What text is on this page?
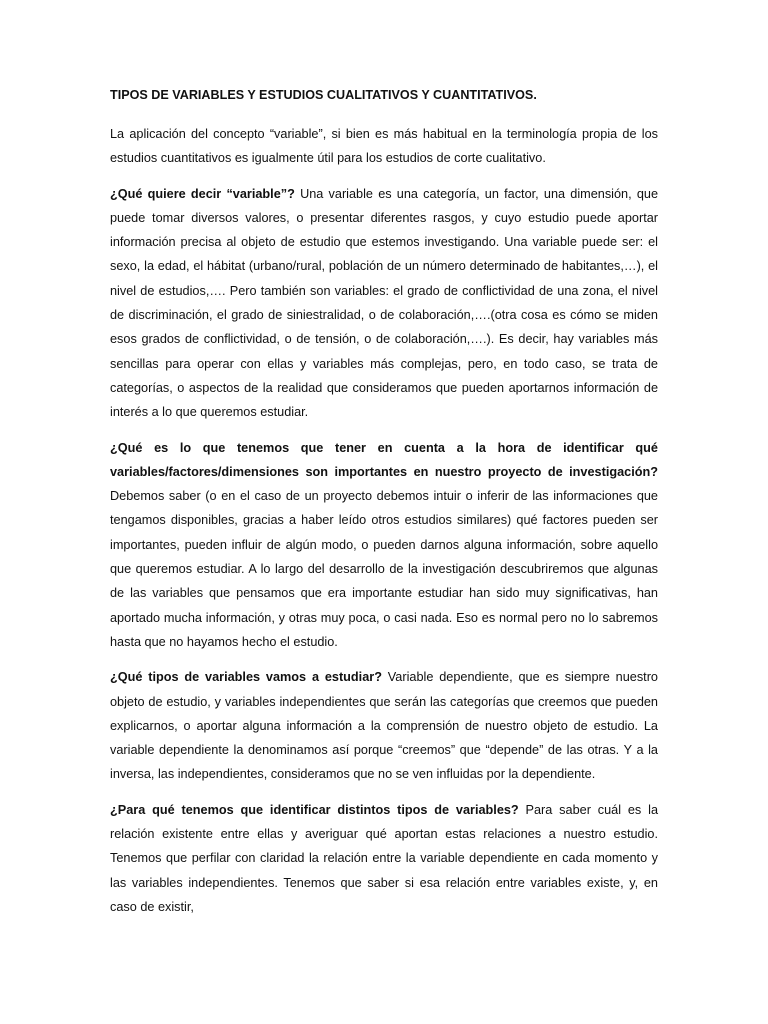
TIPOS DE VARIABLES Y ESTUDIOS CUALITATIVOS Y CUANTITATIVOS.

La aplicación del concepto “variable”, si bien es más habitual en la terminología propia de los estudios cuantitativos es igualmente útil para los estudios de corte cualitativo.

¿Qué quiere decir “variable”? Una variable es una categoría, un factor, una dimensión, que puede tomar diversos valores, o presentar diferentes rasgos, y cuyo estudio puede aportar información precisa al objeto de estudio que estemos investigando. Una variable puede ser: el sexo, la edad, el hábitat (urbano/rural, población de un número determinado de habitantes,…), el nivel de estudios,…. Pero también son variables: el grado de conflictividad de una zona, el nivel de discriminación, el grado de siniestralidad, o de colaboración,….(otra cosa es cómo se miden esos grados de conflictividad, o de tensión, o de colaboración,….). Es decir, hay variables más sencillas para operar con ellas y variables más complejas, pero, en todo caso, se trata de categorías, o aspectos de la realidad que consideramos que pueden aportarnos información de interés a lo que queremos estudiar.

¿Qué es lo que tenemos que tener en cuenta a la hora de identificar qué variables/factores/dimensiones son importantes en nuestro proyecto de investigación? Debemos saber (o en el caso de un proyecto debemos intuir o inferir de las informaciones que tengamos disponibles, gracias a haber leído otros estudios similares) qué factores pueden ser importantes, pueden influir de algún modo, o pueden darnos alguna información, sobre aquello que queremos estudiar. A lo largo del desarrollo de la investigación descubriremos que algunas de las variables que pensamos que era importante estudiar han sido muy significativas, han aportado mucha información, y otras muy poca, o casi nada. Eso es normal pero no lo sabremos hasta que no hayamos hecho el estudio.

¿Qué tipos de variables vamos a estudiar? Variable dependiente, que es siempre nuestro objeto de estudio, y variables independientes que serán las categorías que creemos que pueden explicarnos, o aportar alguna información a la comprensión de nuestro objeto de estudio. La variable dependiente la denominamos así porque “creemos” que “depende” de las otras. Y a la inversa, las independientes, consideramos que no se ven influidas por la dependiente.

¿Para qué tenemos que identificar distintos tipos de variables? Para saber cuál es la relación existente entre ellas y averiguar qué aportan estas relaciones a nuestro estudio. Tenemos que perfilar con claridad la relación entre la variable dependiente en cada momento y las variables independientes. Tenemos que saber si esa relación entre variables existe, y, en caso de existir,
